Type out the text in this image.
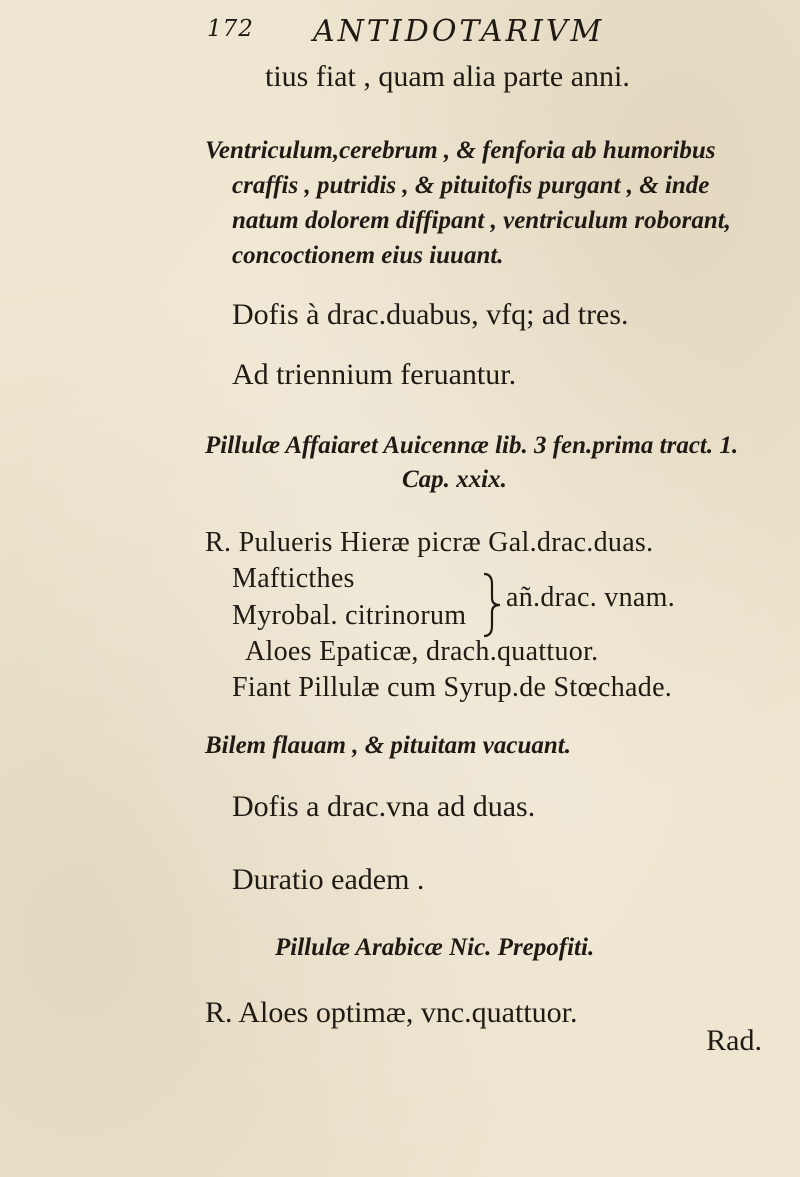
172 ANTIDOTARIVM
tius fiat , quam alia parte anni.
Ventriculum,cerebrum , & fenforia ab humoribus
craffis , putridis , & pituitofis purgant , & inde
natum dolorem diffipant , ventriculum roborant,
concoctionem eius iuuant.
Dofis à drac.duabus, vfq; ad tres.
Ad triennium feruantur.
Pillulæ Affaiaret Auicennæ lib. 3 fen.prima tract. 1.
Cap. xxix.
R. Pulueris Hieræ picræ Gal.drac.duas.
Mafticthes
Myrobal. citrinorum
añ.drac. vnam.
Aloes Epaticæ, drach.quattuor.
Fiant Pillulæ cum Syrup.de Stœchade.
Bilem flauam , & pituitam vacuant.
Dofis a drac.vna ad duas.
Duratio eadem .
Pillulæ Arabicæ Nic. Prepofiti.
R. Aloes optimæ, vnc.quattuor.
Rad.
